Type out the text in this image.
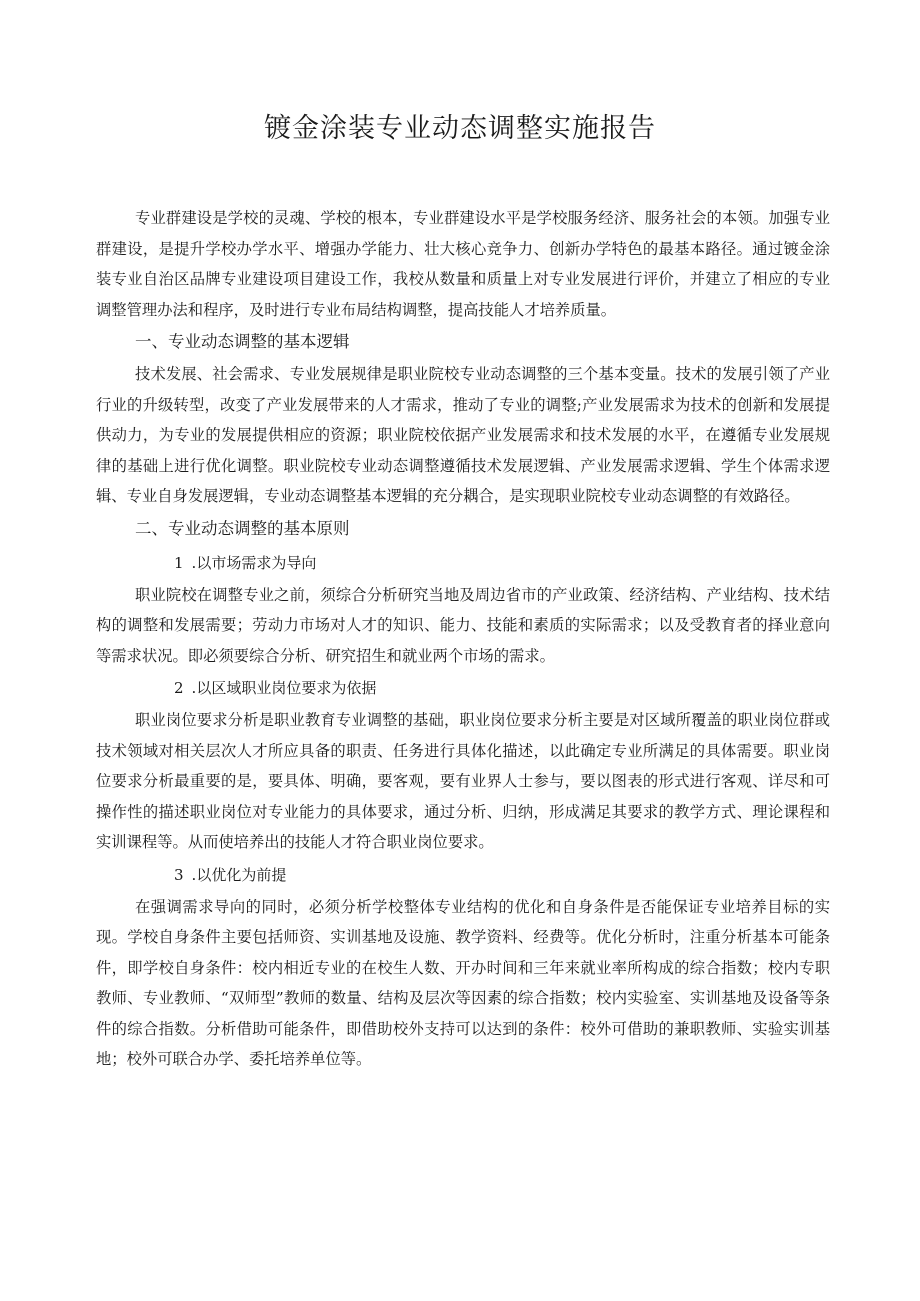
镀金涂装专业动态调整实施报告

专业群建设是学校的灵魂、学校的根本，专业群建设水平是学校服务经济、服务社会的本领。加强专业群建设，是提升学校办学水平、增强办学能力、壮大核心竞争力、创新办学特色的最基本路径。通过镀金涂装专业自治区品牌专业建设项目建设工作，我校从数量和质量上对专业发展进行评价，并建立了相应的专业调整管理办法和程序，及时进行专业布局结构调整，提高技能人才培养质量。

一、专业动态调整的基本逻辑

技术发展、社会需求、专业发展规律是职业院校专业动态调整的三个基本变量。技术的发展引领了产业行业的升级转型，改变了产业发展带来的人才需求，推动了专业的调整;产业发展需求为技术的创新和发展提供动力，为专业的发展提供相应的资源；职业院校依据产业发展需求和技术发展的水平，在遵循专业发展规律的基础上进行优化调整。职业院校专业动态调整遵循技术发展逻辑、产业发展需求逻辑、学生个体需求逻辑、专业自身发展逻辑，专业动态调整基本逻辑的充分耦合，是实现职业院校专业动态调整的有效路径。

二、专业动态调整的基本原则

1 .以市场需求为导向

职业院校在调整专业之前，须综合分析研究当地及周边省市的产业政策、经济结构、产业结构、技术结构的调整和发展需要；劳动力市场对人才的知识、能力、技能和素质的实际需求；以及受教育者的择业意向等需求状况。即必须要综合分析、研究招生和就业两个市场的需求。

2 .以区域职业岗位要求为依据

职业岗位要求分析是职业教育专业调整的基础，职业岗位要求分析主要是对区域所覆盖的职业岗位群或技术领域对相关层次人才所应具备的职责、任务进行具体化描述，以此确定专业所满足的具体需要。职业岗位要求分析最重要的是，要具体、明确，要客观，要有业界人士参与，要以图表的形式进行客观、详尽和可操作性的描述职业岗位对专业能力的具体要求，通过分析、归纳，形成满足其要求的教学方式、理论课程和实训课程等。从而使培养出的技能人才符合职业岗位要求。

3 .以优化为前提

在强调需求导向的同时，必须分析学校整体专业结构的优化和自身条件是否能保证专业培养目标的实现。学校自身条件主要包括师资、实训基地及设施、教学资料、经费等。优化分析时，注重分析基本可能条件，即学校自身条件：校内相近专业的在校生人数、开办时间和三年来就业率所构成的综合指数；校内专职教师、专业教师、“双师型”教师的数量、结构及层次等因素的综合指数；校内实验室、实训基地及设备等条件的综合指数。分析借助可能条件，即借助校外支持可以达到的条件：校外可借助的兼职教师、实验实训基地；校外可联合办学、委托培养单位等。
